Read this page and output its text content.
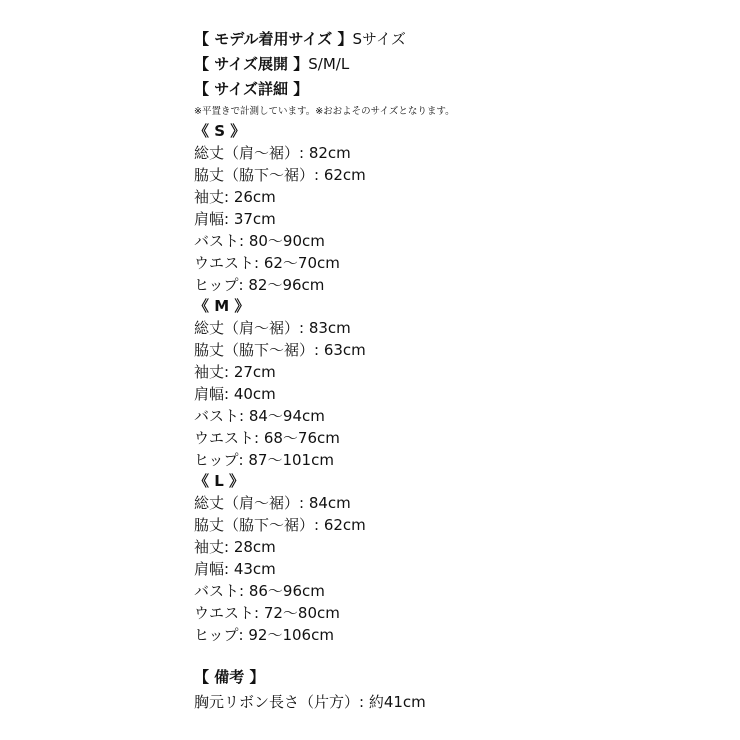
【 モデル着用サイズ 】Sサイズ

【 サイズ展開 】S/M/L

【 サイズ詳細 】

※平置きで計測しています。※おおよそのサイズとなります。

《 S 》

総丈（肩〜裾）: 82cm

脇丈（脇下〜裾）: 62cm

袖丈: 26cm

肩幅: 37cm

バスト: 80〜90cm

ウエスト: 62〜70cm

ヒップ: 82〜96cm

《 M 》

総丈（肩〜裾）: 83cm

脇丈（脇下〜裾）: 63cm

袖丈: 27cm

肩幅: 40cm

バスト: 84〜94cm

ウエスト: 68〜76cm

ヒップ: 87〜101cm

《 L 》

総丈（肩〜裾）: 84cm

脇丈（脇下〜裾）: 62cm

袖丈: 28cm

肩幅: 43cm

バスト: 86〜96cm

ウエスト: 72〜80cm

ヒップ: 92〜106cm

【 備考 】

胸元リボン長さ（片方）: 約41cm
